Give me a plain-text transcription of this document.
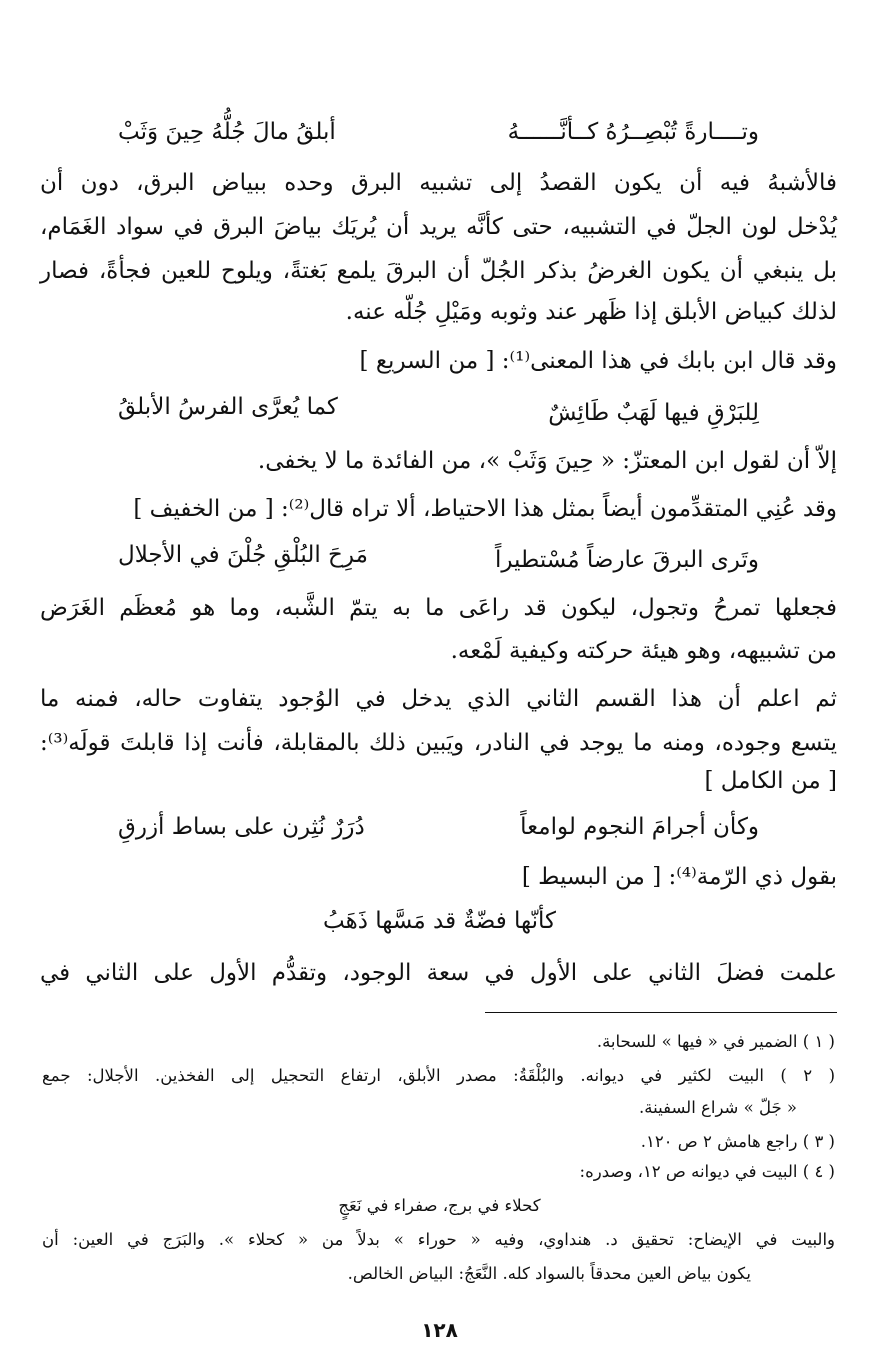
وتــــارةً تُبْصِــرُهُ كــأنَّــــــهُ
أبلقُ مالَ جُلُّهُ حِينَ وَثَبْ
فالأشبهُ فيه أن يكون القصدُ إلى تشبيه البرق وحده ببياض البرق، دون أن
يُدْخل لون الجلّ في التشبيه، حتى كأنَّه يريد أن يُريَك بياضَ البرق في سواد الغَمَام،
بل ينبغي أن يكون الغرضُ بذكر الجُلّ أن البرقَ يلمع بَغتةً، ويلوح للعين فجأةً، فصار
لذلك كبياض الأبلق إذا ظَهر عند وثوبه ومَيْلِ جُلّه عنه.
وقد قال ابن بابك في هذا المعنى⁽¹⁾: [ من السريع ]
لِلبَرْقِ فيها لَهَبٌ طَائِشٌ
كما يُعرَّى الفرسُ الأبلقُ
إلاّ أن لقول ابن المعتزّ: « حِينَ وَثَبْ »، من الفائدة ما لا يخفى.
وقد عُنِي المتقدِّمون أيضاً بمثل هذا الاحتياط، ألا تراه قال⁽²⁾: [ من الخفيف ]
وتَرى البرقَ عارضاً مُسْتطيراً
مَرِحَ البُلْقِ جُلْنَ في الأجلال
فجعلها تمرحُ وتجول، ليكون قد راعَى ما به يتمّ الشَّبه، وما هو مُعظَم الغَرَض
من تشبيهه، وهو هيئة حركته وكيفية لَمْعه.
ثم اعلم أن هذا القسم الثاني الذي يدخل في الوُجود يتفاوت حاله، فمنه ما
يتسع وجوده، ومنه ما يوجد في النادر، ويَبين ذلك بالمقابلة، فأنت إذا قابلتَ قولَه⁽³⁾:
[ من الكامل ]
وكأن أجرامَ النجوم لوامعاً
دُرَرٌ نُثِرن على بساط أزرقِ
بقول ذي الرّمة⁽⁴⁾: [ من البسيط ]
كأنّها فضّةٌ قد مَسَّها ذَهَبُ
علمت فضلَ الثاني على الأول في سعة الوجود، وتقدُّم الأول على الثاني في
( ١ ) الضمير في « فيها » للسحابة.
( ٢ ) البيت لكثير في ديوانه. والبُلْقَةُ: مصدر الأبلق، ارتفاع التحجيل إلى الفخذين. الأجلال: جمع
« جَلّ » شراع السفينة.
( ٣ ) راجع هامش ٢ ص ١٢٠.
( ٤ ) البيت في ديوانه ص ١٢، وصدره:
كحلاء في برج، صفراء في نَعَجٍ
والبيت في الإيضاح: تحقيق د. هنداوي، وفيه « حوراء » بدلاً من « كحلاء ». والبَرَج في العين: أن
يكون بياض العين محدقاً بالسواد كله. النَّعَجُ: البياض الخالص.
١٢٨
